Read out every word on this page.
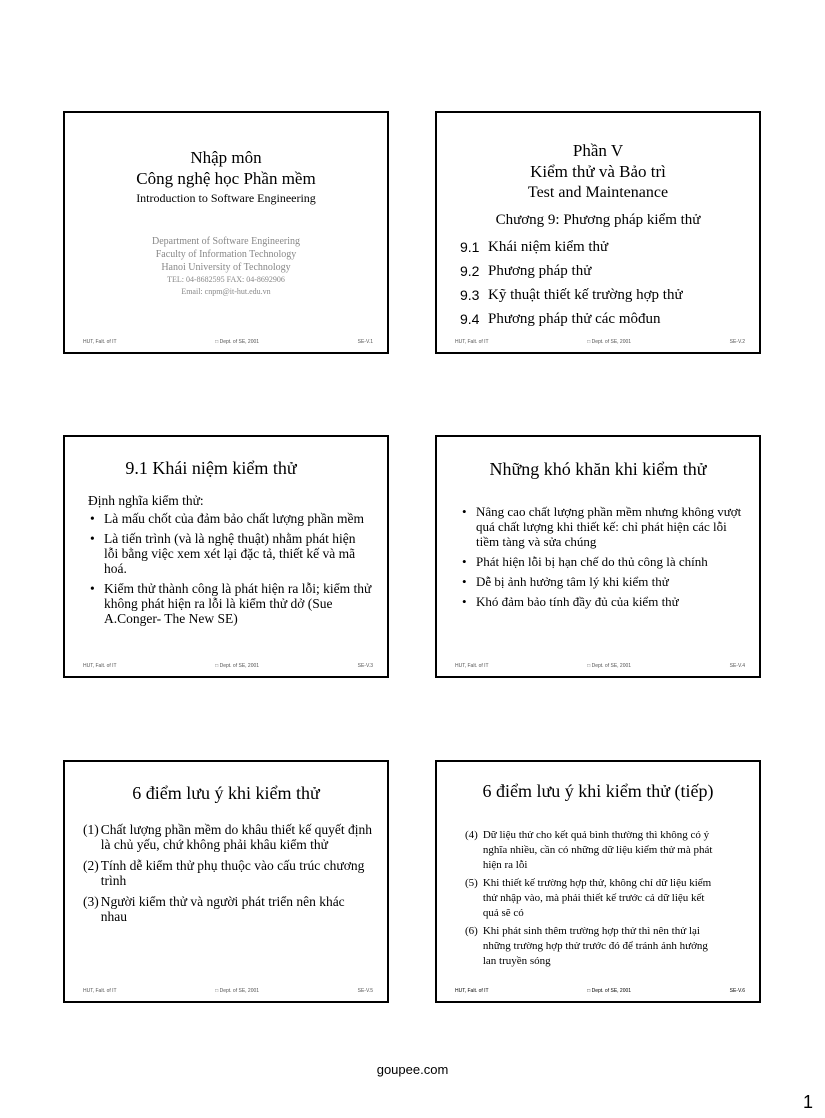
Nhập môn
Công nghệ học Phần mềm
Introduction to Software Engineering
Department of Software Engineering
Faculty of Information Technology
Hanoi University of Technology
TEL: 04-8682595 FAX: 04-8692906
Email: cnpm@it-hut.edu.vn
HUT, Falt. of IT	□ Dept. of SE, 2001	SE-V.1
Phần V
Kiểm thử và Bảo trì
Test and Maintenance
Chương 9: Phương pháp kiểm thử
9.1 Khái niệm kiểm thử
9.2 Phương pháp thử
9.3 Kỹ thuật thiết kế trường hợp thử
9.4 Phương pháp thử các môđun
HUT, Falt. of IT	□ Dept. of SE, 2001	SE-V.2
9.1 Khái niệm kiểm thử
Định nghĩa kiểm thử:
• Là mấu chốt của đảm bảo chất lượng phần mềm
• Là tiến trình (và là nghệ thuật) nhằm phát hiện lỗi bằng việc xem xét lại đặc tả, thiết kế và mã hoá.
• Kiểm thử thành công là phát hiện ra lỗi; kiểm thử không phát hiện ra lỗi là kiểm thử dở (Sue A.Conger- The New SE)
HUT, Falt. of IT	□ Dept. of SE, 2001	SE-V.3
Những khó khăn khi kiểm thử
• Nâng cao chất lượng phần mềm nhưng không vượt quá chất lượng khi thiết kế: chỉ phát hiện các lỗi tiềm tàng và sửa chúng
• Phát hiện lỗi bị hạn chế do thủ công là chính
• Dễ bị ảnh hưởng tâm lý khi kiểm thử
• Khó đảm bảo tính đầy đủ của kiểm thử
HUT, Falt. of IT	□ Dept. of SE, 2001	SE-V.4
6 điểm lưu ý khi kiểm thử
(1) Chất lượng phần mềm do khâu thiết kế quyết định là chủ yếu, chứ không phải khâu kiểm thử
(2) Tính dễ kiểm thử phụ thuộc vào cấu trúc chương trình
(3) Người kiểm thử và người phát triển nên khác nhau
HUT, Falt. of IT	□ Dept. of SE, 2001	SE-V.5
6 điểm lưu ý khi kiểm thử (tiếp)
(4) Dữ liệu thử cho kết quả bình thường thì không có ý nghĩa nhiều, cần có những dữ liệu kiểm thử mà phát hiện ra lỗi
(5) Khi thiết kế trường hợp thử, không chỉ dữ liệu kiểm thử nhập vào, mà phải thiết kế trước cả dữ liệu kết quả sẽ có
(6) Khi phát sinh thêm trường hợp thử thì nên thử lại những trường hợp thử trước đó để tránh ảnh hưởng lan truyền sóng
HUT, Falt. of IT	□ Dept. of SE, 2001	SE-V.6
goupee.com
1
